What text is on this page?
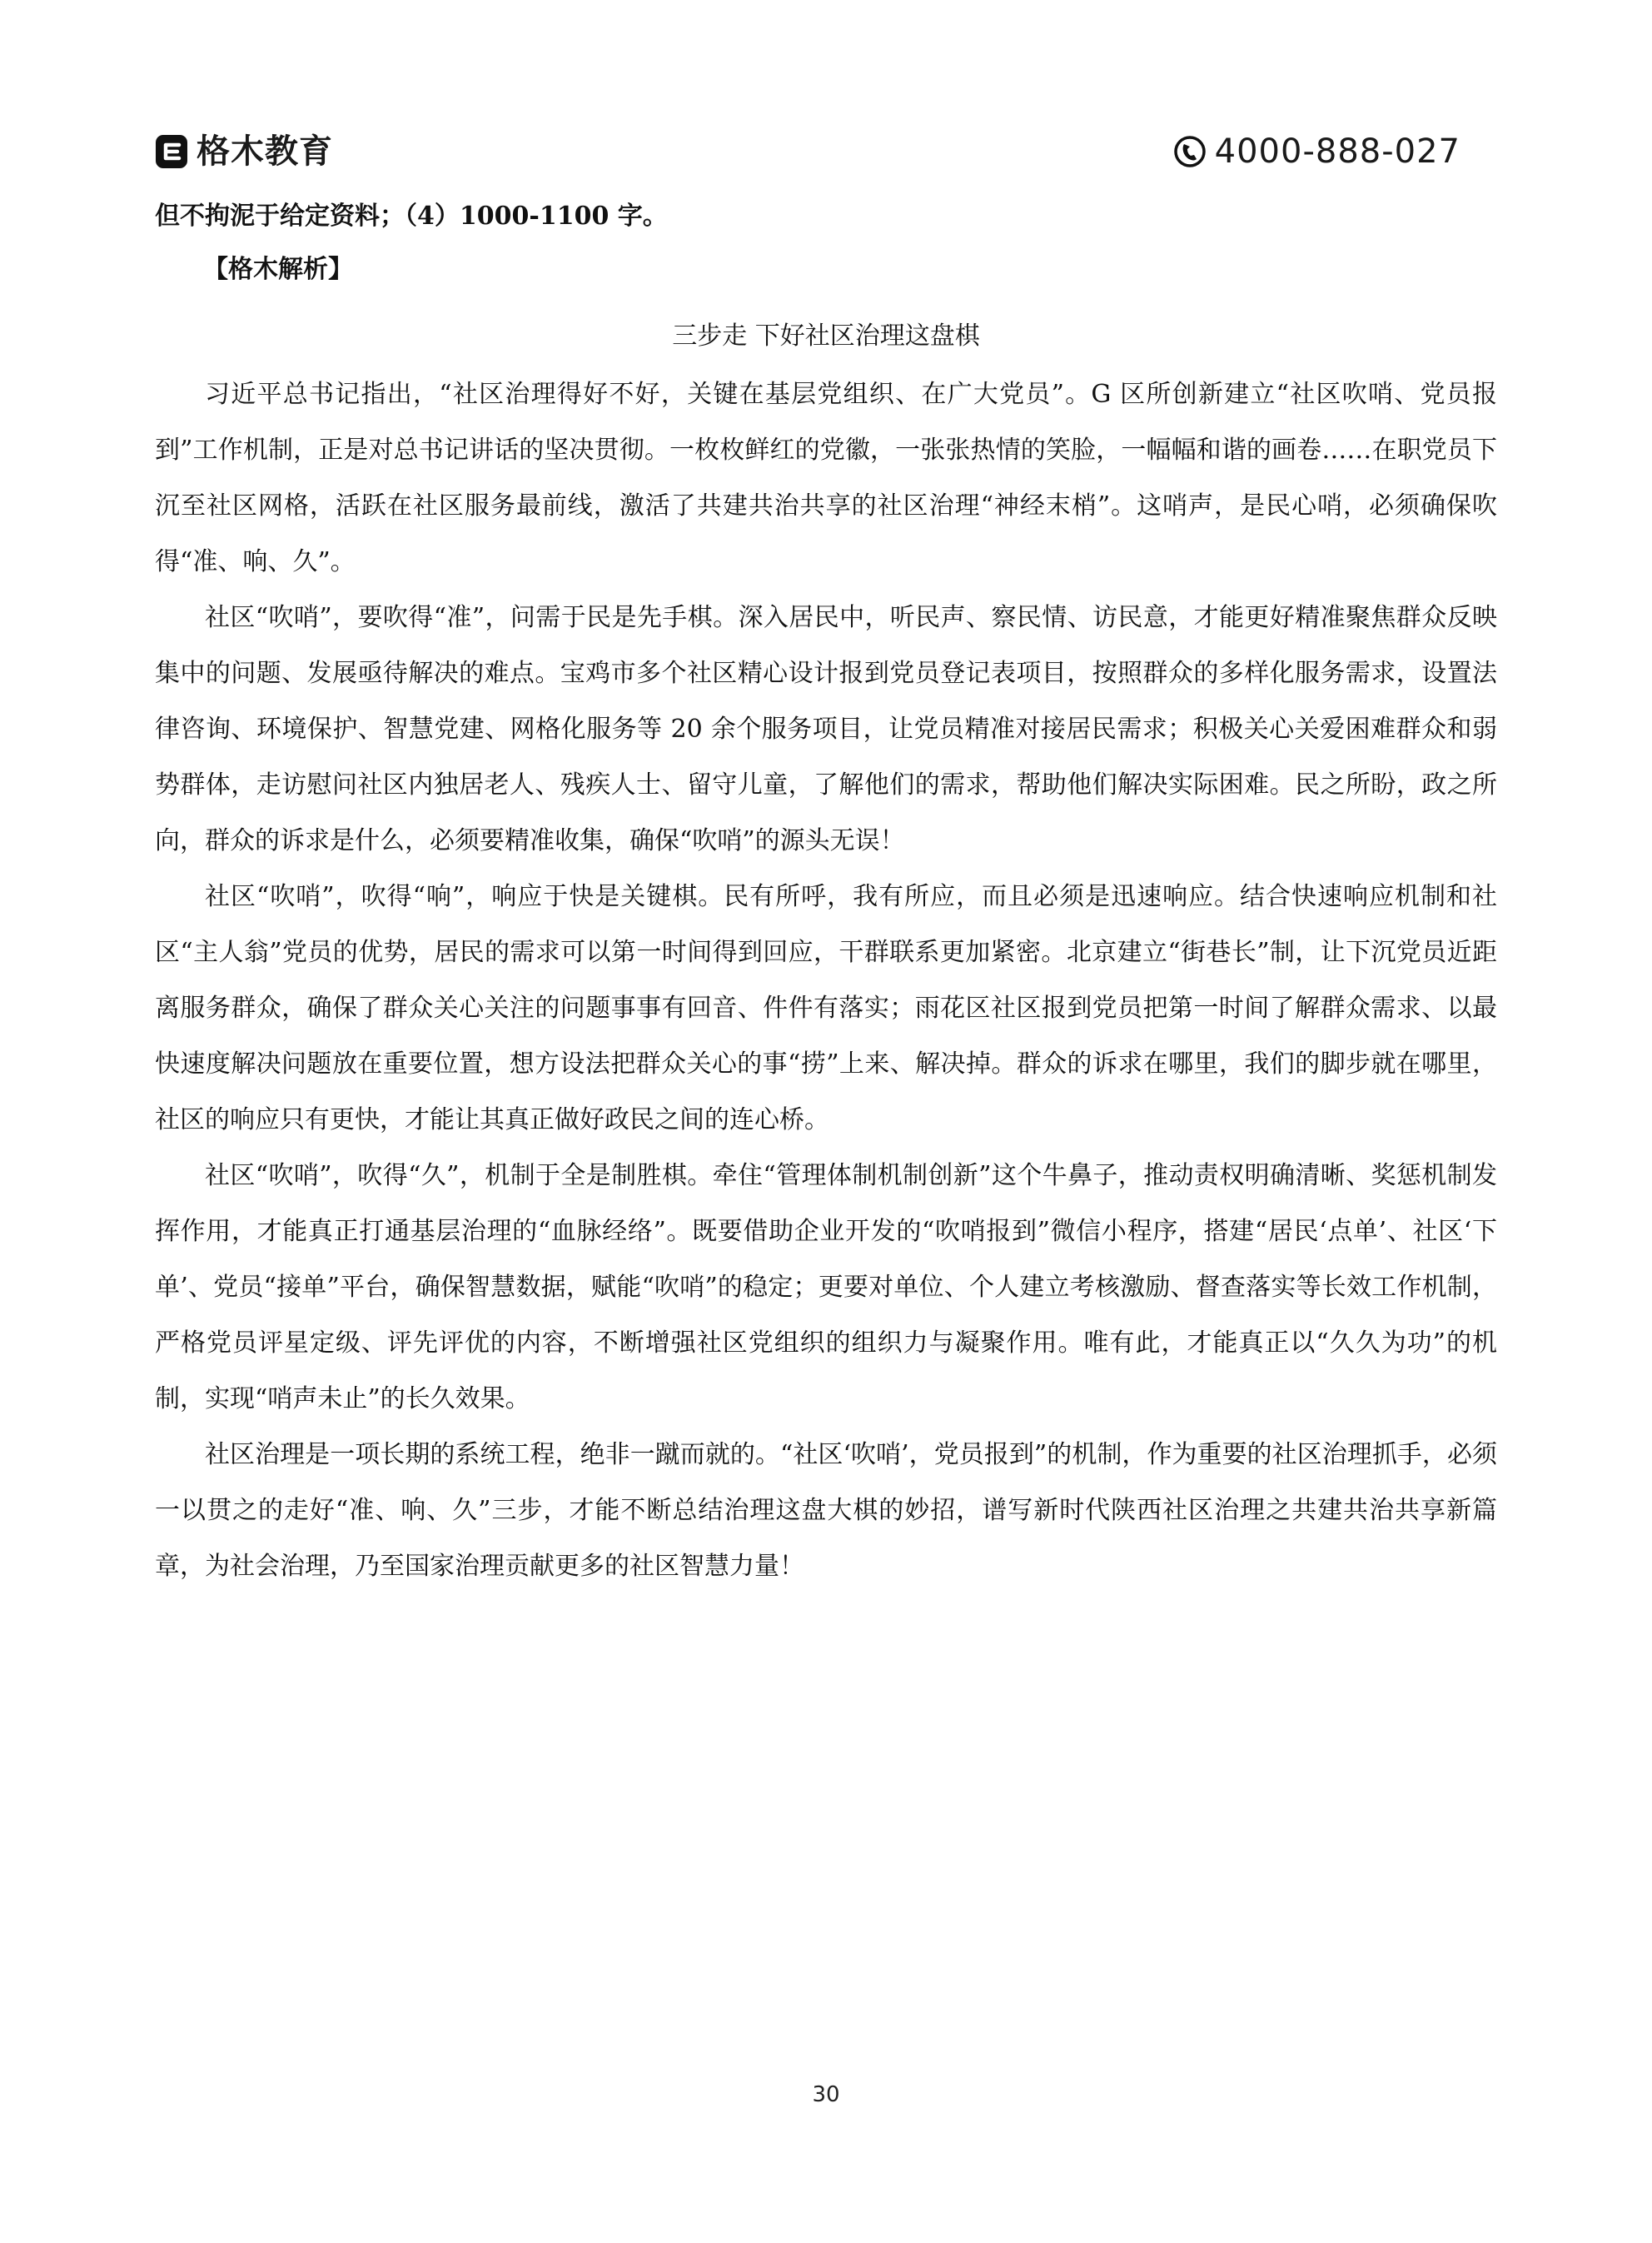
格木教育	4000-888-027

但不拘泥于给定资料；（4）1000-1100 字。

【格木解析】

三步走 下好社区治理这盘棋

习近平总书记指出，“社区治理得好不好，关键在基层党组织、在广大党员”。G 区所创新建立“社区吹哨、党员报到”工作机制，正是对总书记讲话的坚决贯彻。一枚枚鲜红的党徽，一张张热情的笑脸，一幅幅和谐的画卷……在职党员下沉至社区网格，活跃在社区服务最前线，激活了共建共治共享的社区治理“神经末梢”。这哨声，是民心哨，必须确保吹得“准、响、久”。

社区“吹哨”，要吹得“准”，问需于民是先手棋。深入居民中，听民声、察民情、访民意，才能更好精准聚焦群众反映集中的问题、发展亟待解决的难点。宝鸡市多个社区精心设计报到党员登记表项目，按照群众的多样化服务需求，设置法律咨询、环境保护、智慧党建、网格化服务等 20 余个服务项目，让党员精准对接居民需求；积极关心关爱困难群众和弱势群体，走访慰问社区内独居老人、残疾人士、留守儿童，了解他们的需求，帮助他们解决实际困难。民之所盼，政之所向，群众的诉求是什么，必须要精准收集，确保“吹哨”的源头无误！

社区“吹哨”，吹得“响”，响应于快是关键棋。民有所呼，我有所应，而且必须是迅速响应。结合快速响应机制和社区“主人翁”党员的优势，居民的需求可以第一时间得到回应，干群联系更加紧密。北京建立“街巷长”制，让下沉党员近距离服务群众，确保了群众关心关注的问题事事有回音、件件有落实；雨花区社区报到党员把第一时间了解群众需求、以最快速度解决问题放在重要位置，想方设法把群众关心的事“捞”上来、解决掉。群众的诉求在哪里，我们的脚步就在哪里，社区的响应只有更快，才能让其真正做好政民之间的连心桥。

社区“吹哨”，吹得“久”，机制于全是制胜棋。牵住“管理体制机制创新”这个牛鼻子，推动责权明确清晰、奖惩机制发挥作用，才能真正打通基层治理的“血脉经络”。既要借助企业开发的“吹哨报到”微信小程序，搭建“居民‘点单’、社区‘下单’、党员“接单”平台，确保智慧数据，赋能“吹哨”的稳定；更要对单位、个人建立考核激励、督查落实等长效工作机制，严格党员评星定级、评先评优的内容，不断增强社区党组织的组织力与凝聚作用。唯有此，才能真正以“久久为功”的机制，实现“哨声未止”的长久效果。

社区治理是一项长期的系统工程，绝非一蹴而就的。“社区‘吹哨’，党员报到”的机制，作为重要的社区治理抓手，必须一以贯之的走好“准、响、久”三步，才能不断总结治理这盘大棋的妙招，谱写新时代陕西社区治理之共建共治共享新篇章，为社会治理，乃至国家治理贡献更多的社区智慧力量！

30
